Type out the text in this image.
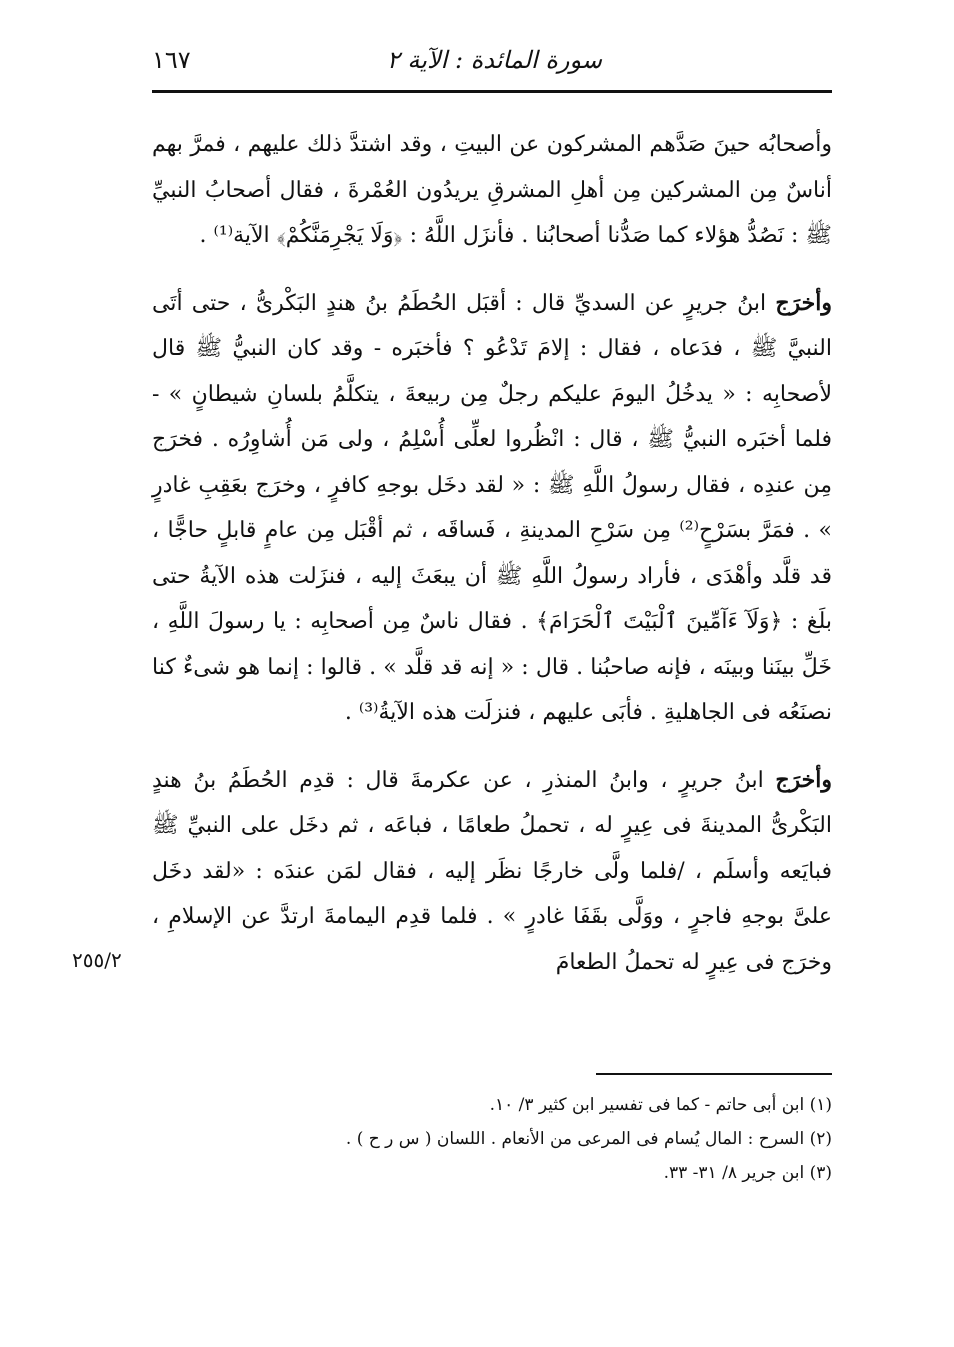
سورة المائدة : الآية ٢
١٦٧

وأصحابُه حينَ صَدَّهم المشركون عن البيتِ ، وقد اشتدَّ ذلك عليهم ، فمرَّ بهم أناسٌ مِن المشركين مِن أهلِ المشرقِ يريدُون العُمْرةَ ، فقال أصحابُ النبيِّ ﷺ : نَصُدُّ هؤلاء كما صَدُّنا أصحابُنا . فأنزَل اللَّهُ : ﴿وَلَا يَجْرِمَنَّكُمْ﴾ الآية⁽¹⁾ .

وأخرَج ابنُ جريرٍ عن السديِّ قال : أقبَل الحُطَمُ بنُ هندٍ البَكْرىُّ ، حتى أتَى النبيَّ ﷺ ، فدَعاه ، فقال : إلامَ تَدْعُو ؟ فأخبَره - وقد كان النبيُّ ﷺ قال لأصحابِه : « يدخُلُ اليومَ عليكم رجلٌ مِن ربيعةَ ، يتكلَّمُ بلسانِ شيطانٍ » - فلما أخبَره النبيُّ ﷺ ، قال : انْظُروا لعلِّى أُسْلِمُ ، ولى مَن أُشاوِرُه . فخرَج مِن عندِه ، فقال رسولُ اللَّهِ ﷺ : « لقد دخَل بوجهِ كافرٍ ، وخرَج بعَقِبِ غادرٍ » . فمَرَّ بسَرْحٍ⁽²⁾ مِن سَرْحِ المدينةِ ، فَساقَه ، ثم أقْبَل مِن عامٍ قابلٍ حاجًّا ، قد قلَّد وأهْدَى ، فأراد رسولُ اللَّهِ ﷺ أن يبعَثَ إليه ، فنزَلت هذه الآيةُ حتى بلَغ : ﴿وَلَآ ءَآمِّينَ ٱلْبَيْتَ ٱلْحَرَامَ﴾ . فقال ناسٌ مِن أصحابِه : يا رسولَ اللَّهِ ، خَلِّ بينَنا وبينَه ، فإنه صاحبُنا . قال : « إنه قد قلَّد » . قالوا : إنما هو شىءٌ كنا نصنَعُه فى الجاهليةِ . فأبَى عليهم ، فنزلَت هذه الآيةُ⁽³⁾ .

وأخرَج ابنُ جريرٍ ، وابنُ المنذرِ ، عن عكرمةَ قال : قدِم الحُطَمُ بنُ هندٍ البَكْرىُّ المدينةَ فى عِيرٍ له ، تحملُ طعامًا ، فباعَه ، ثم دخَل على النبيِّ ﷺ فبايَعه وأسلَم ، /فلما ولَّى خارجًا نظَر إليه ، فقال لمَن عندَه : «لقد دخَل علىَّ بوجهِ فاجرٍ ، ووَلَّى بقَفَا غادرٍ » . فلما قدِم اليمامةَ ارتدَّ عن الإسلامِ ، وخرَج فى عِيرٍ له تحملُ الطعامَ

٢٥٥/٢

(١) ابن أبى حاتم - كما فى تفسير ابن كثير ٣/ ١٠.

(٢) السرح : المال يُسام فى المرعى من الأنعام . اللسان ( س ر ح ) .

(٣) ابن جرير ٨/ ٣١- ٣٣.
